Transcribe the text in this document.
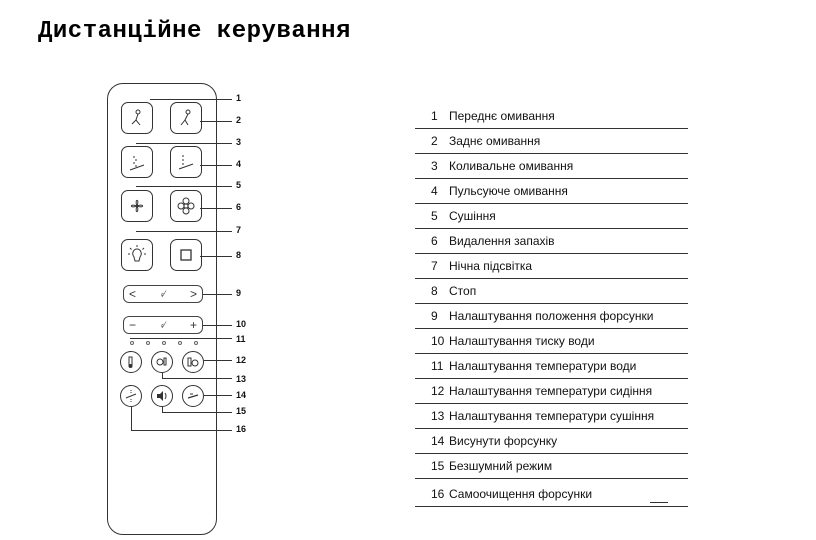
Дистанційне керування
<	⸗⁄ >
−	⸗⁄ +
1
2
3
4
5
6
7
8
9
10
11
12
13
14
15
16
1 Переднє омивання
2 Заднє омивання
3 Коливальне омивання
4 Пульсуюче омивання
5 Сушіння
6 Видалення запахів
7 Нічна підсвітка
8 Стоп
9 Налаштування положення форсунки
10 Налаштування тиску води
11 Налаштування температури води
12 Налаштування температури сидіння
13 Налаштування температури сушіння
14 Висунути форсунку
15 Безшумний режим
16 Самоочищення форсунки
